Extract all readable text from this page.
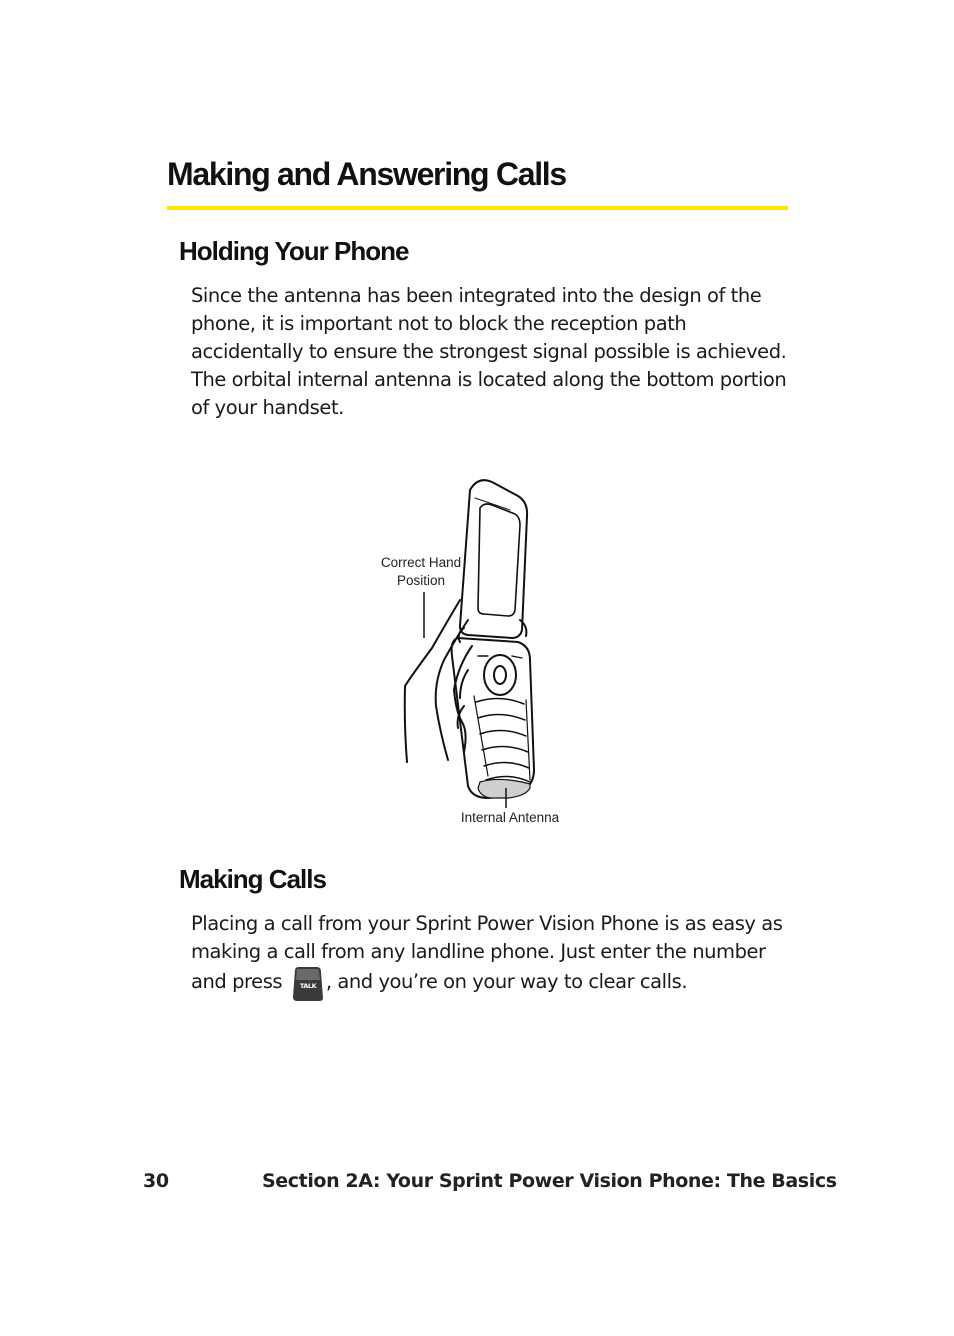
Making and Answering Calls
Holding Your Phone

Since the antenna has been integrated into the design of the phone, it is important not to block the reception path accidentally to ensure the strongest signal possible is achieved. The orbital internal antenna is located along the bottom portion of your handset.

Correct Hand
Position
Internal Antenna
Making Calls

Placing a call from your Sprint Power Vision Phone is as easy as making a call from any landline phone. Just enter the number and press	TALK , and you’re on your way to clear calls.

30	Section 2A: Your Sprint Power Vision Phone: The Basics
